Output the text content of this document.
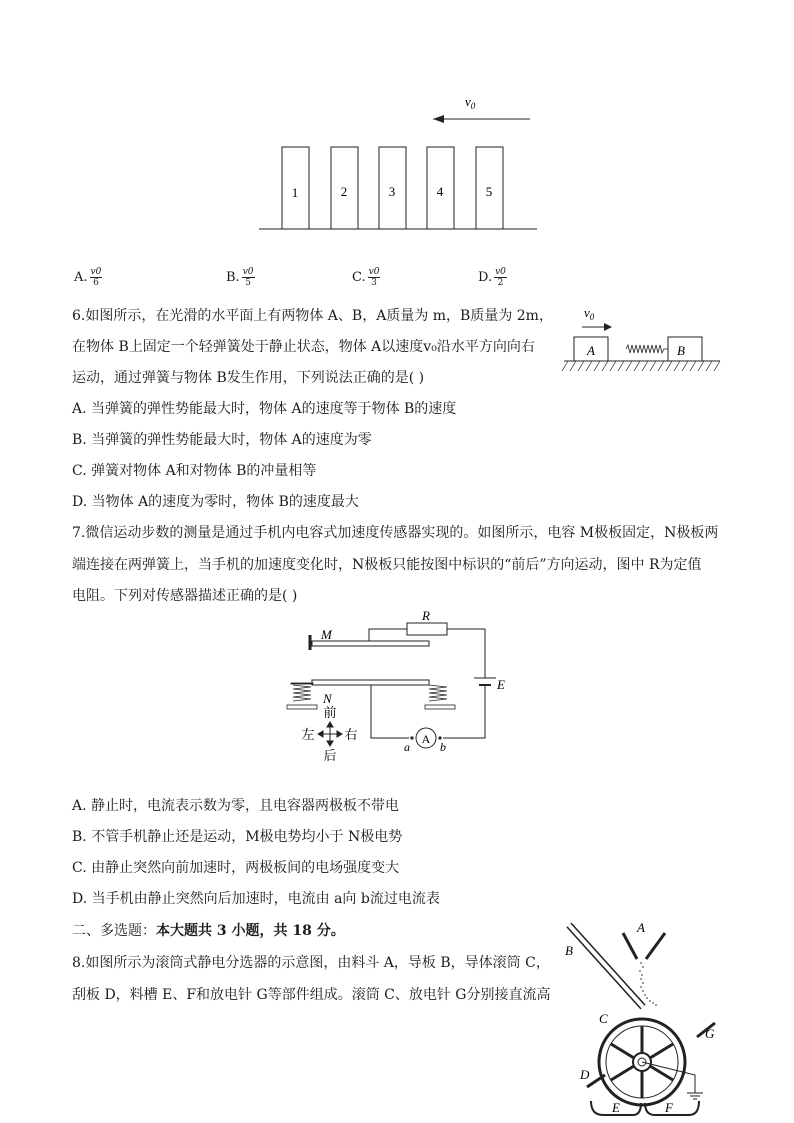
$v_0$
1	2	3	4	5
A. $\frac{v0}{6}$	B. $\frac{v0}{5}$	C. $\frac{v0}{3}$	D. $\frac{v0}{2}$
6.如图所示，在光滑的水平面上有两物体 A、B，A质量为 m，B质量为 2m，
在物体 B上固定一个轻弹簧处于静止状态，物体 A以速度v₀沿水平方向向右
运动，通过弹簧与物体 B发生作用，下列说法正确的是( )
A. 当弹簧的弹性势能最大时，物体 A的速度等于物体 B的速度
B. 当弹簧的弹性势能最大时，物体 A的速度为零
C. 弹簧对物体 A和对物体 B的冲量相等
D. 当物体 A的速度为零时，物体 B的速度最大
$v_0$
A	B
7.微信运动步数的测量是通过手机内电容式加速度传感器实现的。如图所示，电容 M极板固定，N极板两
端连接在两弹簧上，当手机的加速度变化时，N极板只能按图中标识的“前后”方向运动，图中 R为定值
电阻。下列对传感器描述正确的是( )
M
R
E
N
A
a	b
前
后
左 右
A. 静止时，电流表示数为零，且电容器两极板不带电
B. 不管手机静止还是运动，M极电势均小于 N极电势
C. 由静止突然向前加速时，两极板间的电场强度变大
D. 当手机由静止突然向后加速时，电流由 a向 b流过电流表
二、多选题：本大题共 3 小题，共 18 分。
8.如图所示为滚筒式静电分选器的示意图，由料斗 A，导板 B，导体滚筒 C，
刮板 D，料槽 E、F和放电针 G等部件组成。滚筒 C、放电针 G分别接直流高
A
B
C
G
D
E	F
